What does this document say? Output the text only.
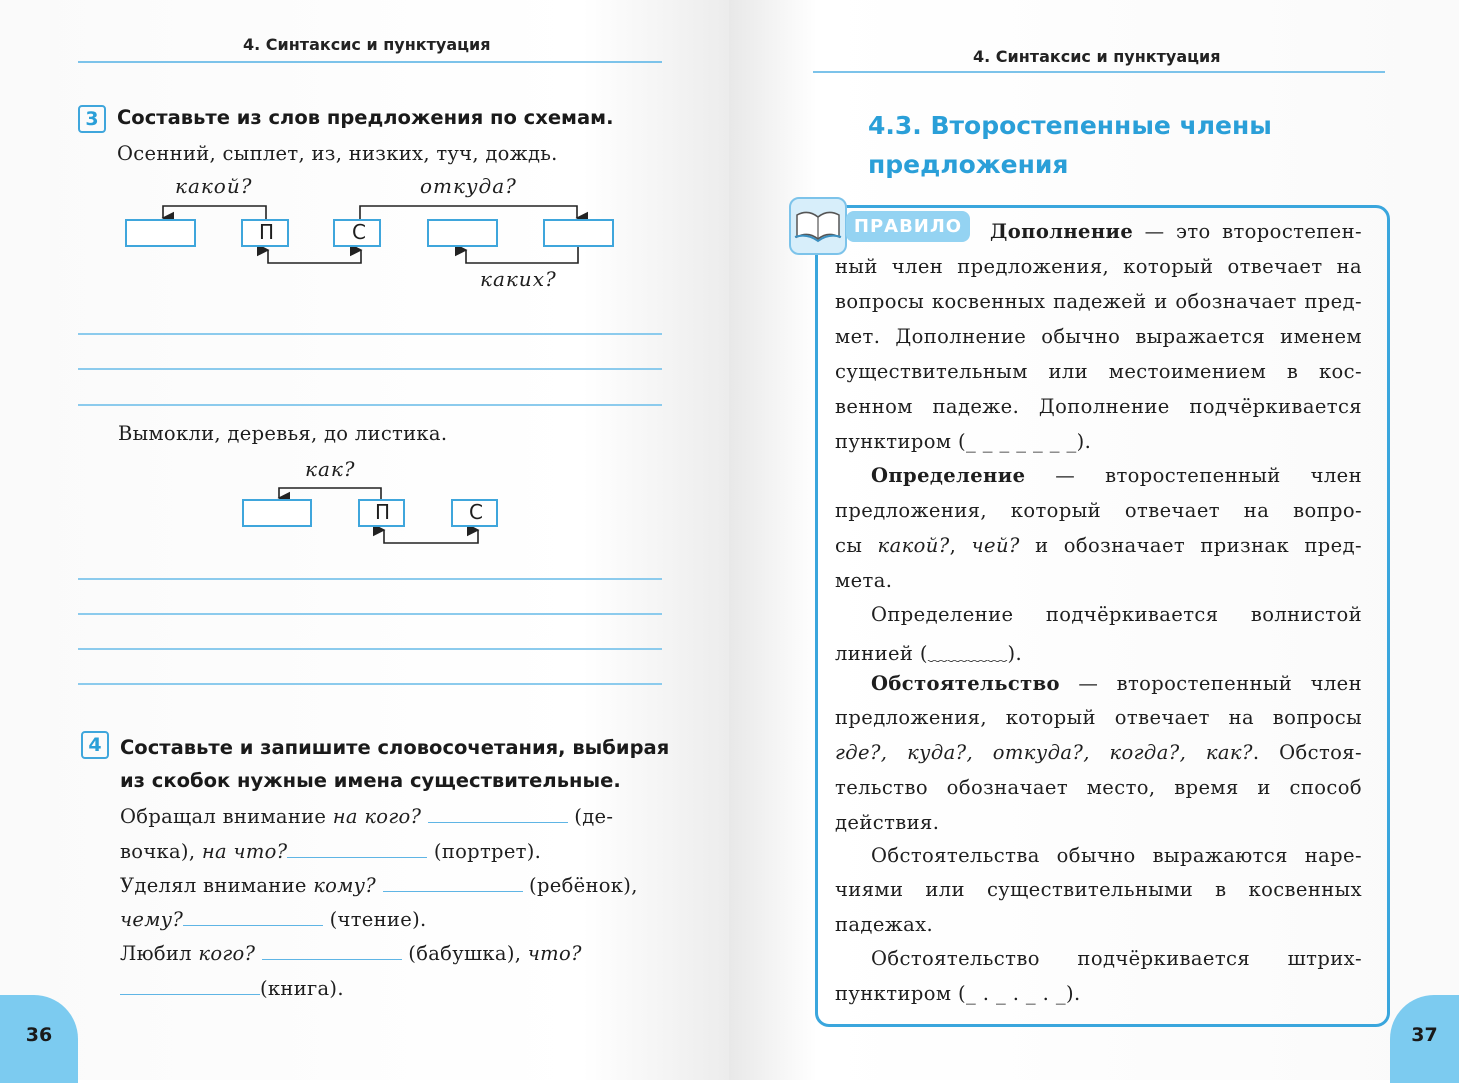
4. Синтаксис и пунктуация
3 Составьте из слов предложения по схемам.
Осенний, сыплет, из, низких, туч, дождь.
какой?	откуда?
каких?
П	С
Вымокли, деревья, до листика.
как?
П	С
4 Составьте и запишите словосочетания, выбирая
из скобок нужные имена существительные.
Обращал внимание на кого?	(де-
вочка), на что?	(портрет).
Уделял внимание кому?	(ребёнок),
чему?	(чтение).
Любил кого?	(бабушка), что?
(книга).
36
4. Синтаксис и пунктуация
4.3. Второстепенные члены
предложения
ПРАВИЛО	Дополнение — это второстепен-
ный член предложения, который отвечает на
вопросы косвенных падежей и обозначает пред-
мет. Дополнение обычно выражается именем
существительным или местоимением в кос-
венном падеже. Дополнение подчёркивается
пунктиром (_ _ _ _ _ _ _).
Определение — второстепенный член
предложения, который отвечает на вопро-
сы какой?, чей? и обозначает признак пред-
мета.
Определение подчёркивается волнистой
линией (﹏﹏﹏﹏).
Обстоятельство — второстепенный член
предложения, который отвечает на вопросы
где?, куда?, откуда?, когда?, как?. Обстоя-
тельство обозначает место, время и способ
действия.
Обстоятельства обычно выражаются наре-
чиями или существительными в косвенных
падежах.
Обстоятельство подчёркивается штрих-
пунктиром (_ . _ . _ . _).
37
